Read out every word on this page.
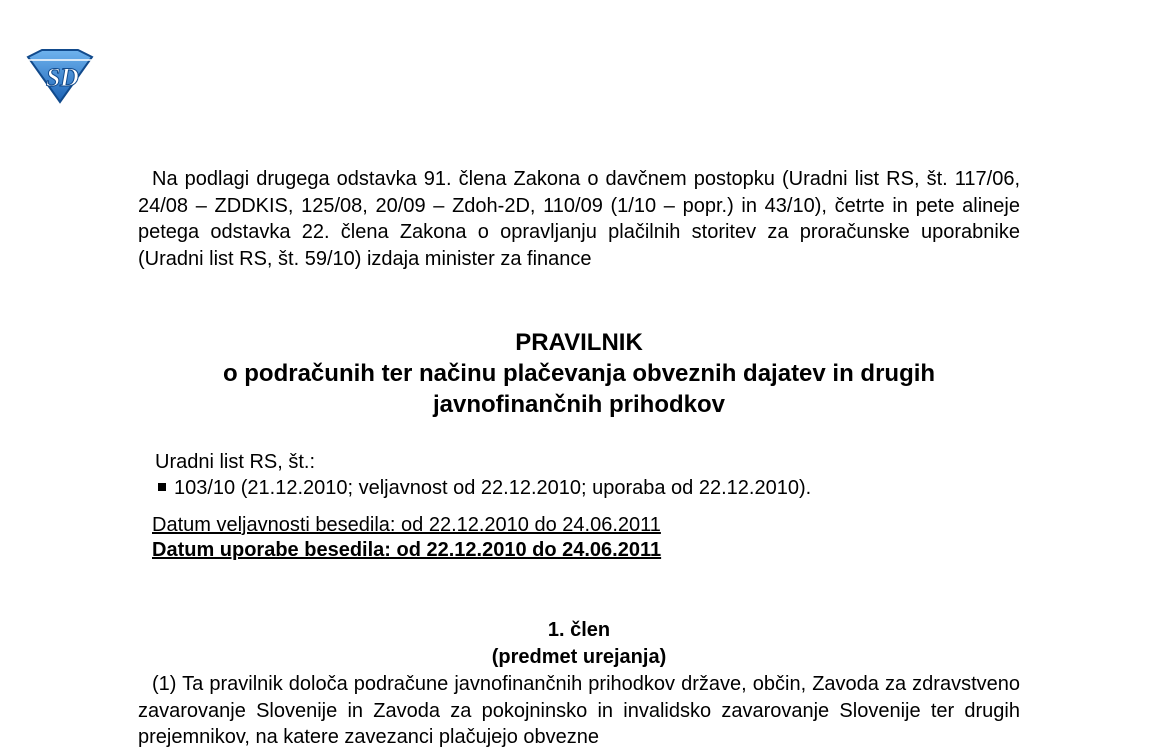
S D
Na podlagi drugega odstavka 91. člena Zakona o davčnem postopku (Uradni list RS, št. 117/06, 24/08 – ZDDKIS, 125/08, 20/09 – Zdoh-2D, 110/09 (1/10 – popr.) in 43/10), četrte in pete alineje petega odstavka 22. člena Zakona o opravljanju plačilnih storitev za proračunske uporabnike (Uradni list RS, št. 59/10) izdaja minister za finance
PRAVILNIK
o podračunih ter načinu plačevanja obveznih dajatev in drugih
javnofinančnih prihodkov
Uradni list RS, št.:
103/10 (21.12.2010; veljavnost od 22.12.2010; uporaba od 22.12.2010).
Datum veljavnosti besedila: od 22.12.2010 do 24.06.2011
Datum uporabe besedila: od 22.12.2010 do 24.06.2011
1. člen
(predmet urejanja)
(1) Ta pravilnik določa podračune javnofinančnih prihodkov države, občin, Zavoda za zdravstveno zavarovanje Slovenije in Zavoda za pokojninsko in invalidsko zavarovanje Slovenije ter drugih prejemnikov, na katere zavezanci plačujejo obvezne
